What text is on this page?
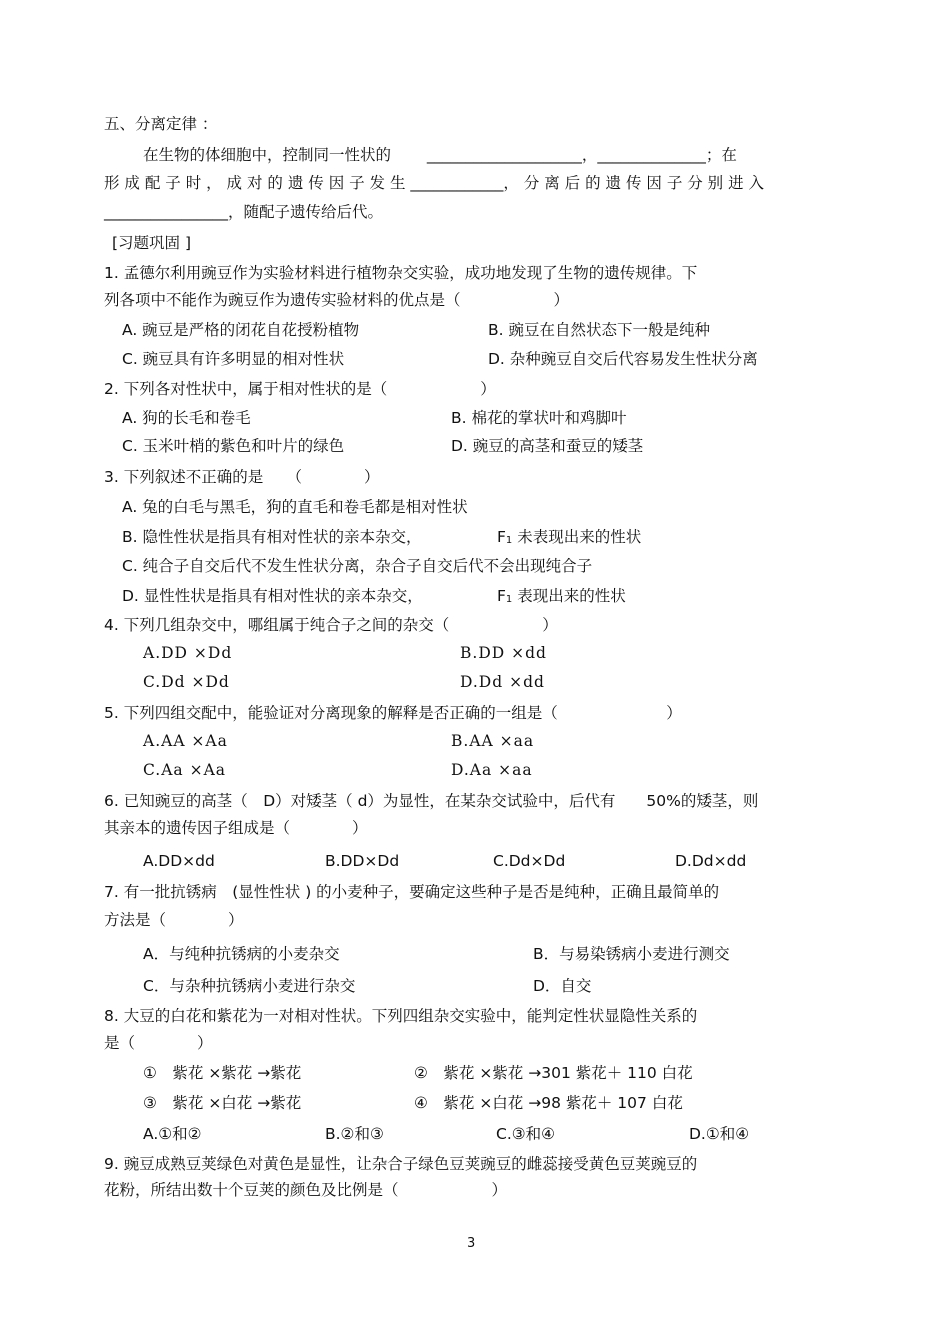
五、分离定律 ：
在生物的体细胞中，控制同一性状的　　 ____________________，______________；在
形 成 配 子 时 ， 成 对 的 遗 传 因 子 发 生 ____________， 分 离 后 的 遗 传 因 子 分 别 进 入
________________，随配子遗传给后代。
[习题巩固 ]
1. 孟德尔利用豌豆作为实验材料进行植物杂交实验，成功地发现了生物的遗传规律。下
列各项中不能作为豌豆作为遗传实验材料的优点是（　　　　　　）
A. 豌豆是严格的闭花自花授粉植物	B. 豌豆在自然状态下一般是纯种
C. 豌豆具有许多明显的相对性状	D. 杂种豌豆自交后代容易发生性状分离
2. 下列各对性状中，属于相对性状的是（　　　　　　）
A. 狗的长毛和卷毛	B. 棉花的掌状叶和鸡脚叶
C. 玉米叶梢的紫色和叶片的绿色	D. 豌豆的高茎和蚕豆的矮茎
3. 下列叙述不正确的是　　（　　　　）
A. 兔的白毛与黑毛，狗的直毛和卷毛都是相对性状
B. 隐性性状是指具有相对性状的亲本杂交，	F1 未表现出来的性状
C. 纯合子自交后代不发生性状分离，杂合子自交后代不会出现纯合子
D. 显性性状是指具有相对性状的亲本杂交，	F1 表现出来的性状
4. 下列几组杂交中，哪组属于纯合子之间的杂交（　　　　　　）
A.DD ×Dd	B.DD ×dd
C.Dd ×Dd	D.Dd ×dd
5. 下列四组交配中，能验证对分离现象的解释是否正确的一组是（　　　　　　　）
A.AA ×Aa	B.AA ×aa
C.Aa ×Aa	D.Aa ×aa
6. 已知豌豆的高茎（　D）对矮茎（ d）为显性，在某杂交试验中，后代有　　50%的矮茎，则
其亲本的遗传因子组成是（　　　　）
A.DD×dd	B.DD×Dd	C.Dd×Dd	D.Dd×dd
7. 有一批抗锈病　(显性性状 ) 的小麦种子，要确定这些种子是否是纯种，正确且最简单的
方法是（　　　　）
A．与纯种抗锈病的小麦杂交	B．与易染锈病小麦进行测交
C．与杂种抗锈病小麦进行杂交	D．自交
8. 大豆的白花和紫花为一对相对性状。下列四组杂交实验中，能判定性状显隐性关系的
是（　　　　）
①　紫花 ×紫花 →紫花	②　紫花 ×紫花 →301 紫花＋ 110 白花
③　紫花 ×白花 →紫花	④　紫花 ×白花 →98 紫花＋ 107 白花
A.①和②	B.②和③	C.③和④	D.①和④
9. 豌豆成熟豆荚绿色对黄色是显性，让杂合子绿色豆荚豌豆的雌蕊接受黄色豆荚豌豆的
花粉，所结出数十个豆荚的颜色及比例是（　　　　　　）
3
